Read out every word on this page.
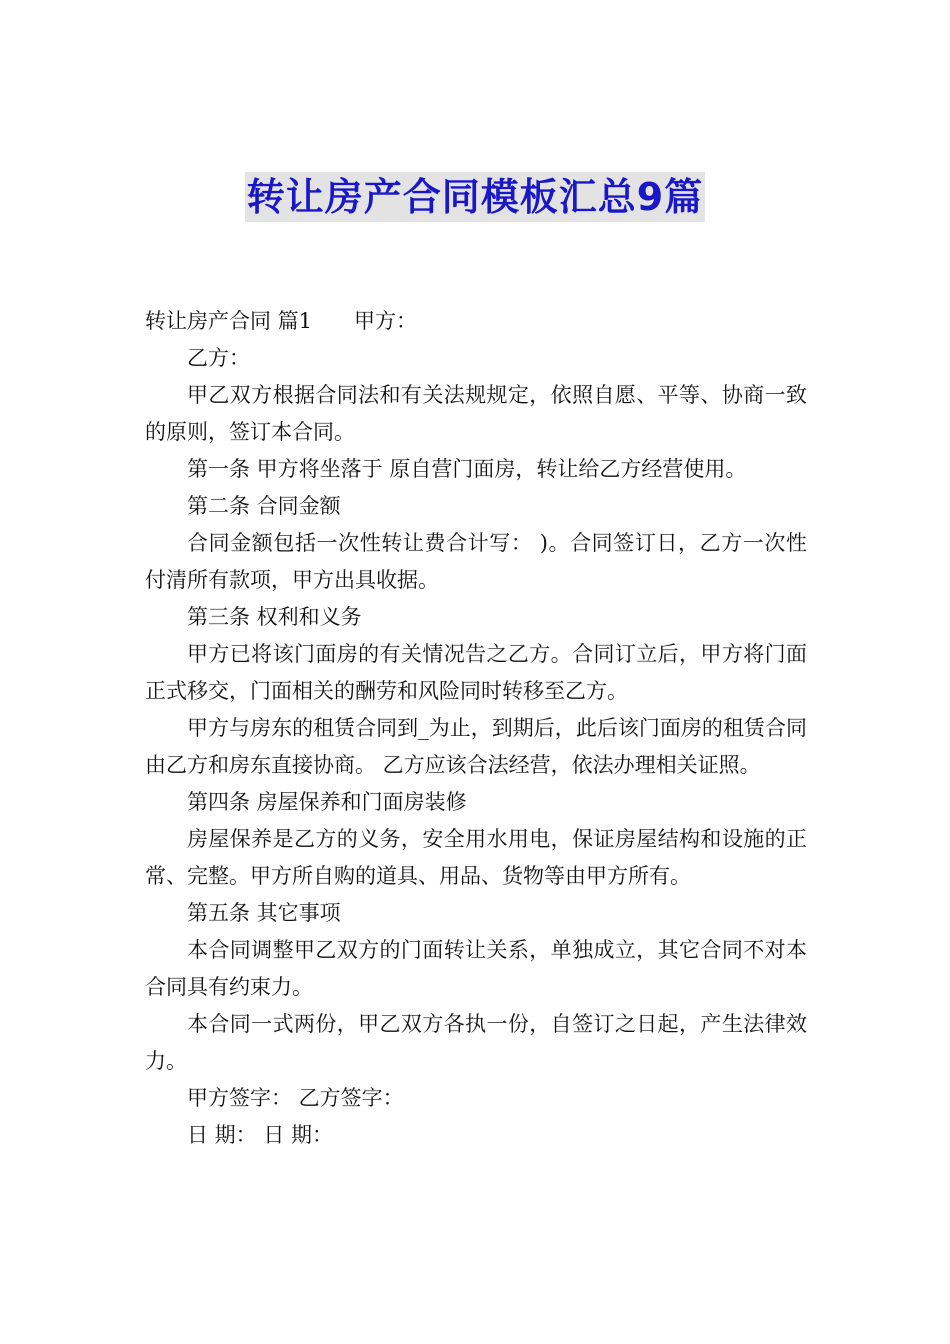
转让房产合同模板汇总9篇

转让房产合同 篇1 甲方：

乙方：

甲乙双方根据合同法和有关法规规定，依照自愿、平等、协商一致的原则，签订本合同。

第一条 甲方将坐落于 原自营门面房，转让给乙方经营使用。

第二条 合同金额

合同金额包括一次性转让费合计写： )。合同签订日，乙方一次性付清所有款项，甲方出具收据。

第三条 权利和义务

甲方已将该门面房的有关情况告之乙方。合同订立后，甲方将门面正式移交，门面相关的酬劳和风险同时转移至乙方。

甲方与房东的租赁合同到_为止，到期后，此后该门面房的租赁合同由乙方和房东直接协商。 乙方应该合法经营，依法办理相关证照。

第四条 房屋保养和门面房装修

房屋保养是乙方的义务，安全用水用电，保证房屋结构和设施的正常、完整。甲方所自购的道具、用品、货物等由甲方所有。

第五条 其它事项

本合同调整甲乙双方的门面转让关系，单独成立，其它合同不对本合同具有约束力。

本合同一式两份，甲乙双方各执一份，自签订之日起，产生法律效力。

甲方签字： 乙方签字：

日 期： 日 期：
